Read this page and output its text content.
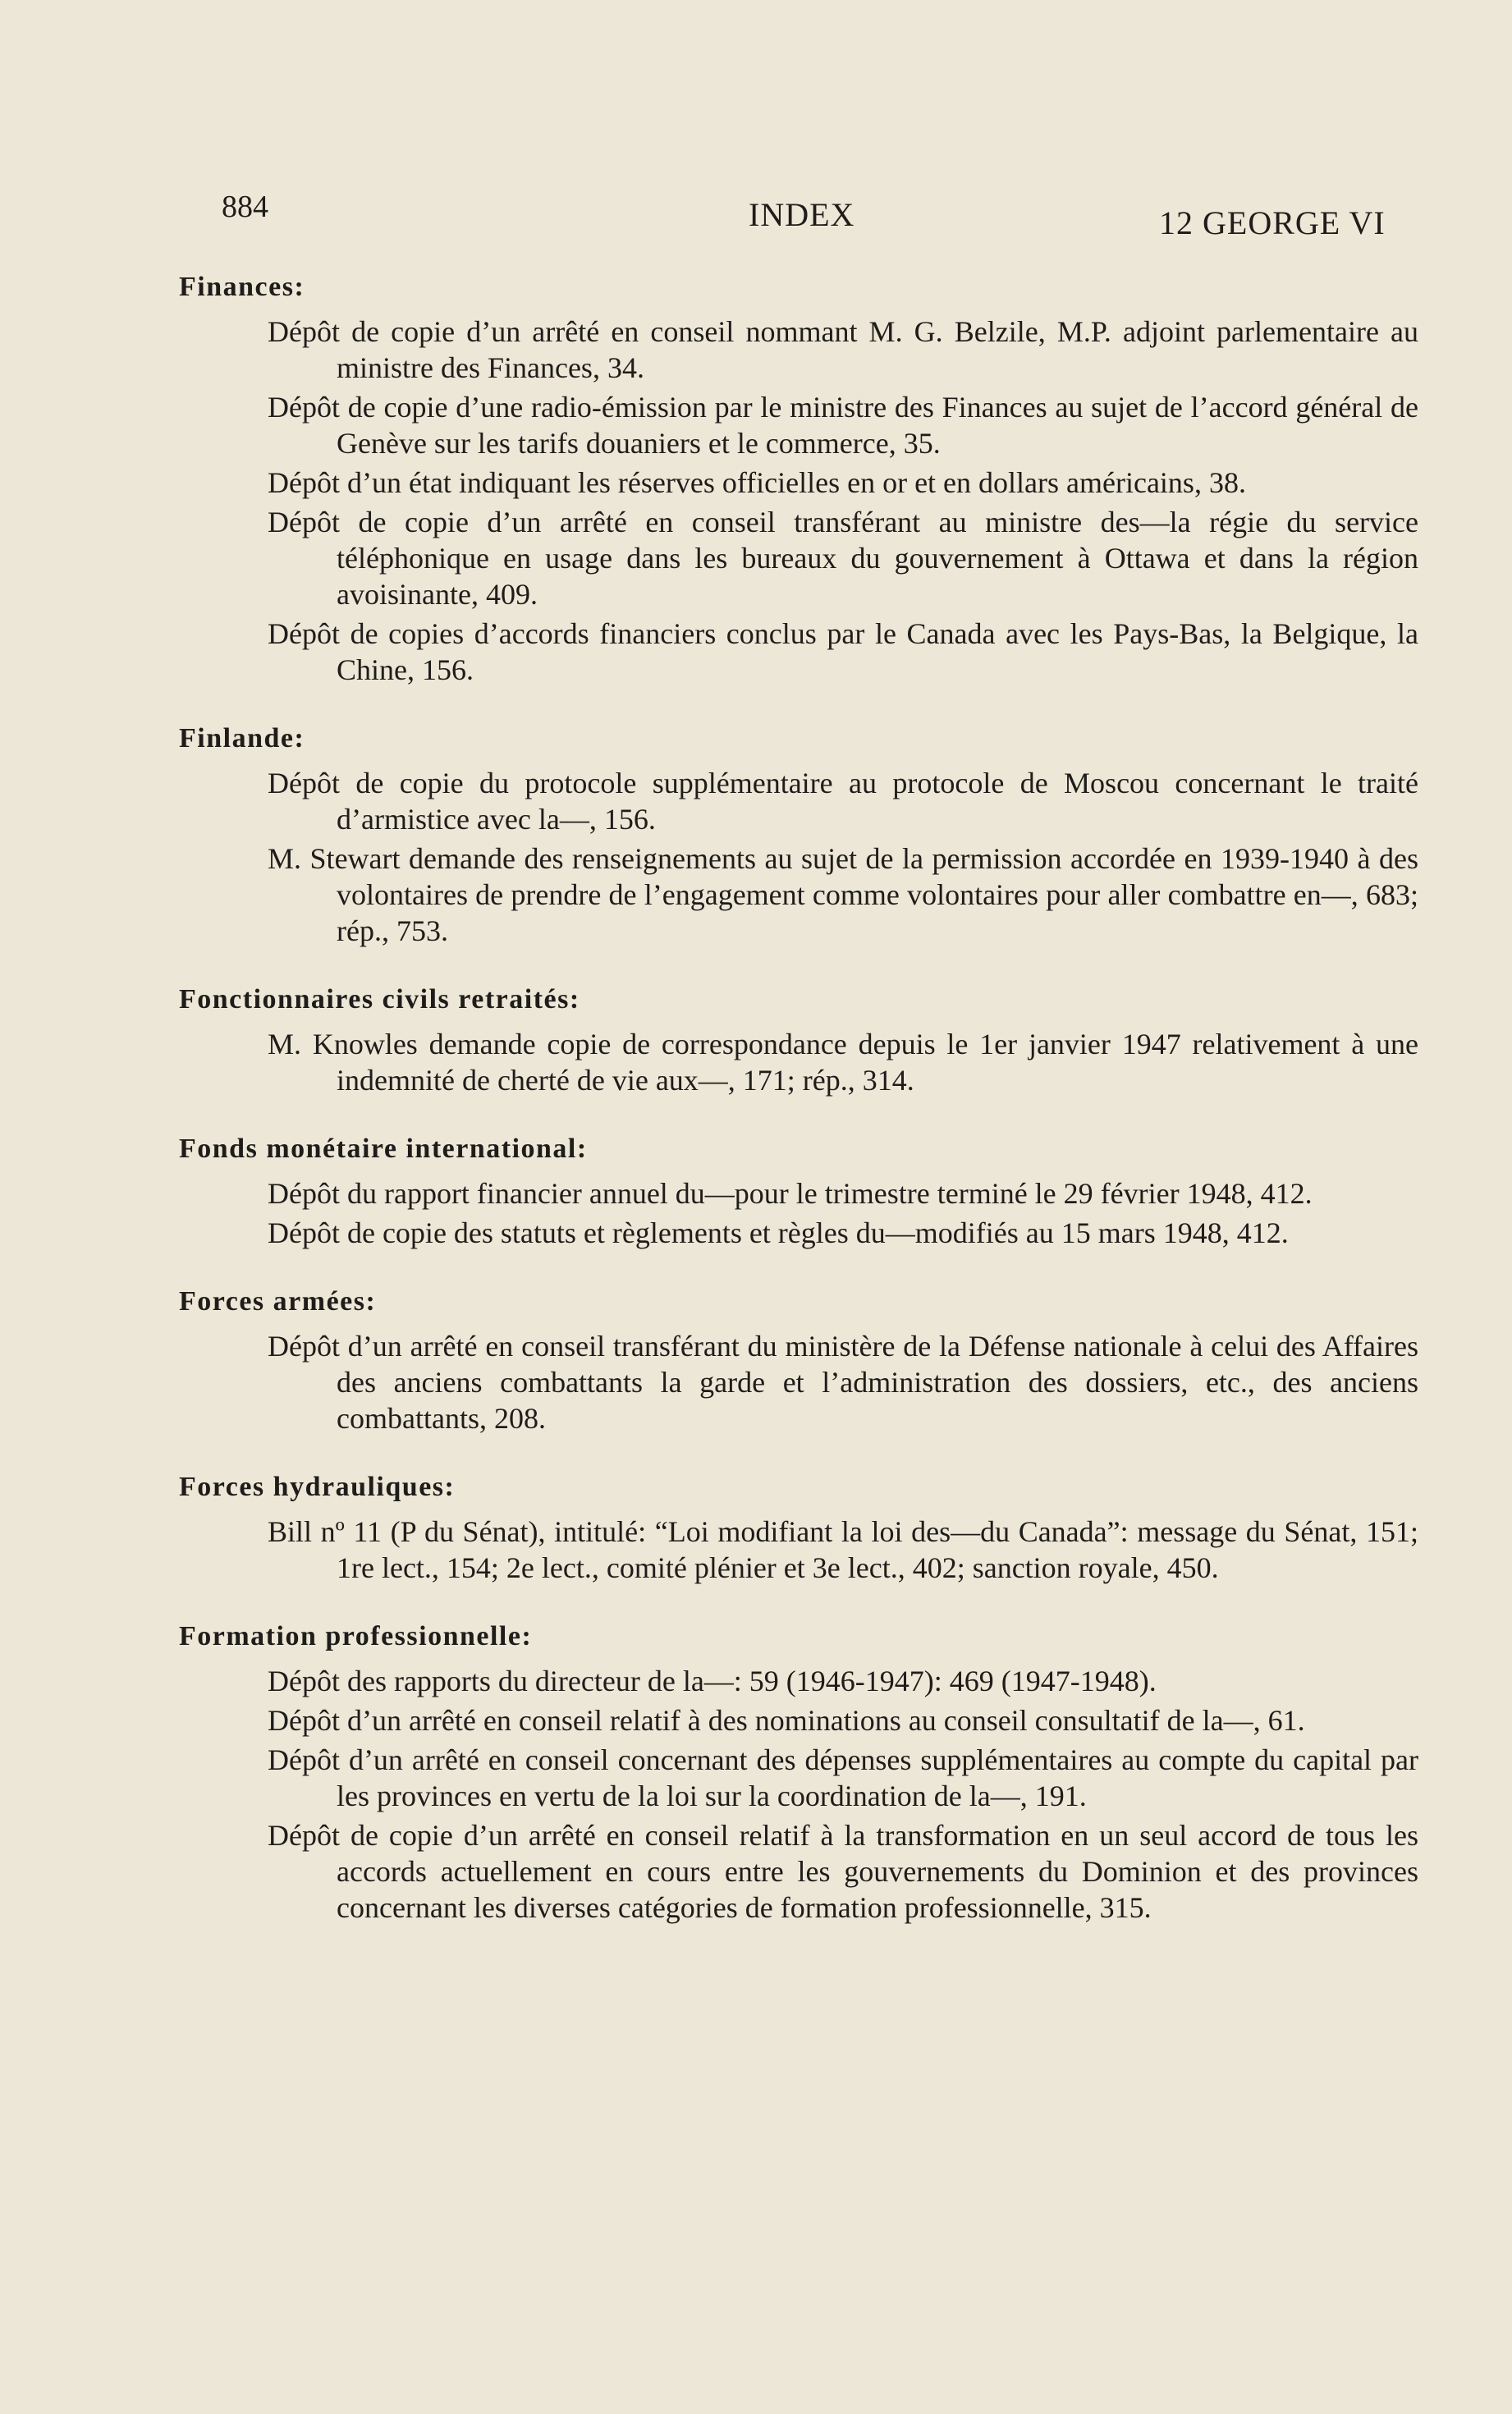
884	INDEX	12 GEORGE VI
Finances:
Dépôt de copie d’un arrêté en conseil nommant M. G. Belzile, M.P. adjoint parlementaire au ministre des Finances, 34.
Dépôt de copie d’une radio-émission par le ministre des Finances au sujet de l’accord général de Genève sur les tarifs douaniers et le commerce, 35.
Dépôt d’un état indiquant les réserves officielles en or et en dollars américains, 38.
Dépôt de copie d’un arrêté en conseil transférant au ministre des—la régie du service téléphonique en usage dans les bureaux du gouvernement à Ottawa et dans la région avoisinante, 409.
Dépôt de copies d’accords financiers conclus par le Canada avec les Pays-Bas, la Belgique, la Chine, 156.
Finlande:
Dépôt de copie du protocole supplémentaire au protocole de Moscou concernant le traité d’armistice avec la—, 156.
M. Stewart demande des renseignements au sujet de la permission accordée en 1939-1940 à des volontaires de prendre de l’engagement comme volontaires pour aller combattre en—, 683; rép., 753.
Fonctionnaires civils retraités:
M. Knowles demande copie de correspondance depuis le 1er janvier 1947 relativement à une indemnité de cherté de vie aux—, 171; rép., 314.
Fonds monétaire international:
Dépôt du rapport financier annuel du—pour le trimestre terminé le 29 février 1948, 412.
Dépôt de copie des statuts et règlements et règles du—modifiés au 15 mars 1948, 412.
Forces armées:
Dépôt d’un arrêté en conseil transférant du ministère de la Défense nationale à celui des Affaires des anciens combattants la garde et l’administration des dossiers, etc., des anciens combattants, 208.
Forces hydrauliques:
Bill nº 11 (P du Sénat), intitulé: “Loi modifiant la loi des—du Canada”: message du Sénat, 151; 1re lect., 154; 2e lect., comité plénier et 3e lect., 402; sanction royale, 450.
Formation professionnelle:
Dépôt des rapports du directeur de la—: 59 (1946-1947): 469 (1947-1948).
Dépôt d’un arrêté en conseil relatif à des nominations au conseil consultatif de la—, 61.
Dépôt d’un arrêté en conseil concernant des dépenses supplémentaires au compte du capital par les provinces en vertu de la loi sur la coordination de la—, 191.
Dépôt de copie d’un arrêté en conseil relatif à la transformation en un seul accord de tous les accords actuellement en cours entre les gouvernements du Dominion et des provinces concernant les diverses catégories de formation professionnelle, 315.
